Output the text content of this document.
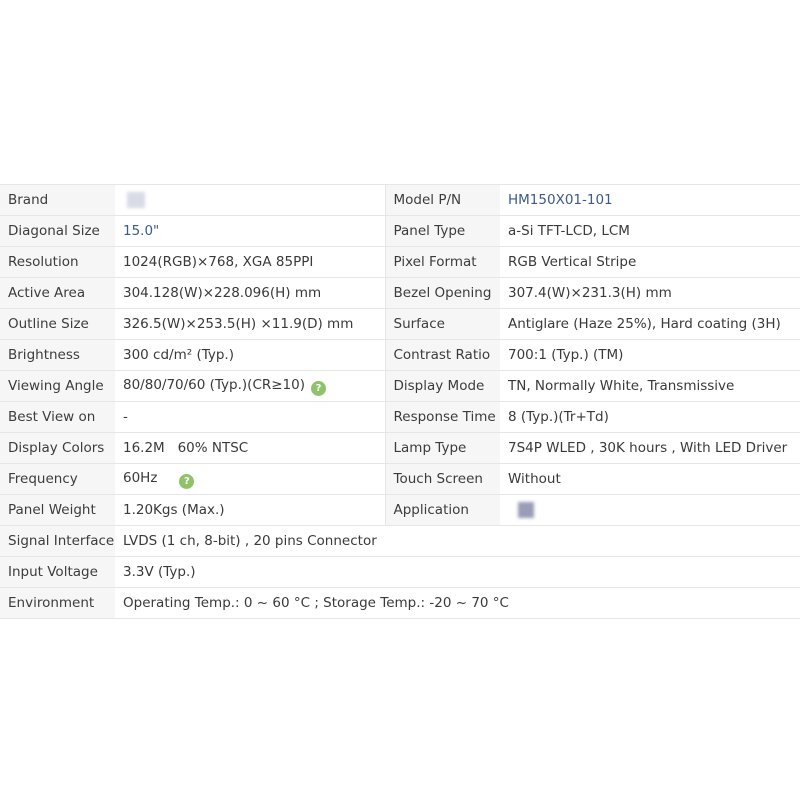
Brand		Model P/N	HM150X01-101
Diagonal Size	15.0"	Panel Type	a-Si TFT-LCD, LCM
Resolution	1024(RGB)×768, XGA 85PPI	Pixel Format	RGB Vertical Stripe
Active Area	304.128(W)×228.096(H) mm	Bezel Opening	307.4(W)×231.3(H) mm
Outline Size	326.5(W)×253.5(H) ×11.9(D) mm	Surface	Antiglare (Haze 25%), Hard coating (3H)
Brightness	300 cd/m² (Typ.)	Contrast Ratio	700:1 (Typ.) (TM)
Viewing Angle	80/80/70/60 (Typ.)(CR≥10) ?	Display Mode	TN, Normally White, Transmissive
Best View on	-	Response Time	8 (Typ.)(Tr+Td)
Display Colors	16.2M   60% NTSC	Lamp Type	7S4P WLED , 30K hours , With LED Driver
Frequency	60Hz ?	Touch Screen	Without
Panel Weight	1.20Kgs (Max.)	Application	
Signal Interface	LVDS (1 ch, 8-bit) , 20 pins Connector		
Input Voltage	3.3V (Typ.)		
Environment	Operating Temp.: 0 ~ 60 °C ; Storage Temp.: -20 ~ 70 °C		
